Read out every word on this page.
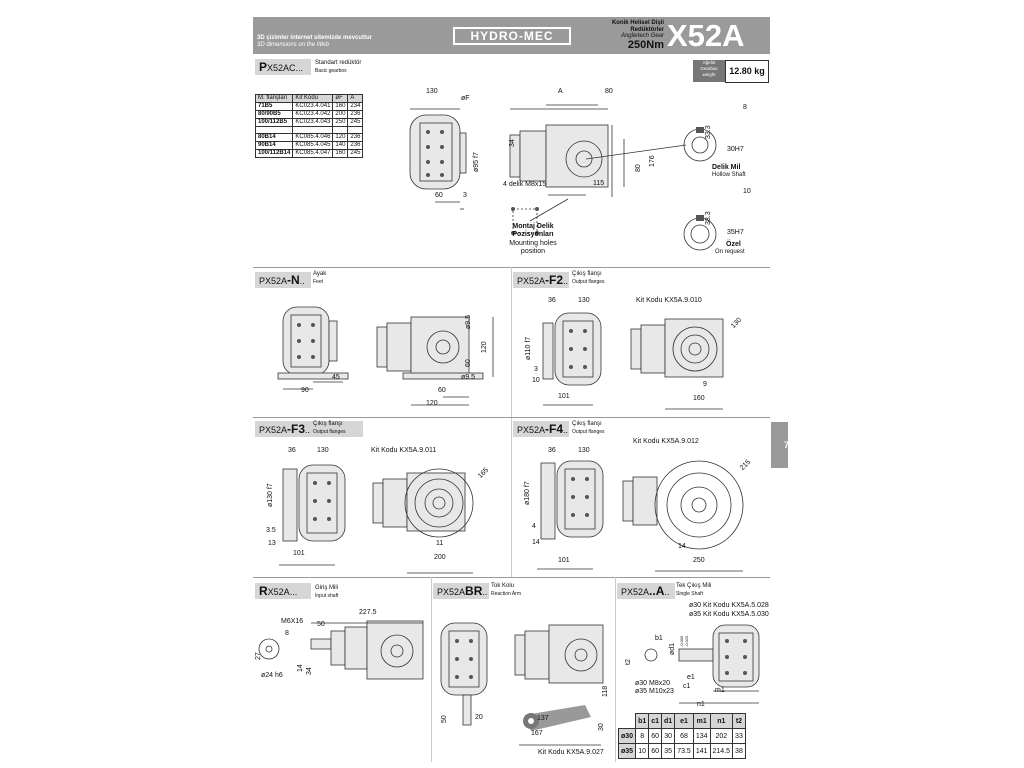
3D çizimler internet sitemizde mevcuttur
3D dimensions on the Web
HYDRO-MEC
Konik Helisel Dişli
Redüktörler
Anglietech Gear
250Nm X52A
Ağırlık
Gearbox
weight	12.80 kg
PX52AC...	Standart redüktör
Basic gearbox
M. flanşları	Kit Kodu	øF	A
71B5	KC023.4.041	160	234
80/90B5	KC023.4.042	200	236
100/112B5	KC023.4.043	250	245

80B14	KC085.4.046	120	236
90B14	KC085.4.045	140	236
100/112B14	KC085.4.047	160	245
130
øF
ø95 f7
60	3
A	80
34
176
80
115
4 delik M8x15
Montaj Delik
Pozisyonları
Mounting holes
position
8
33.3
30H7
Delik Mil
Hollow Shaft
10
38.3
35H7
Özel
On request
PX52A-N..
Ayak
Feet
ø9.5
120
60
ø9.5
90
45
60
120
PX52A-F2..
Çıkış flanşı
Output flanges
Kit Kodu KX5A.9.010
36	130
ø110 f7
3
10
101
130
9
160
PX52A-F3..
Çıkış flanşı
Output flanges
Kit Kodu KX5A.9.011
36	130
ø130 f7
3.5
13
101
165
11
200
PX52A-F4..
Çıkış flanşı
Output flanges
Kit Kodu KX5A.9.012
36	130
ø180 f7
4
14
101
215
14
250
RX52A...	Giriş Mili
Input shaft
227.5
M6X16
8
50
27
14 34
ø24 h6
PX52ABR..
Tok Kolu
Reaction Arm
118
50	20	137
30
167
Kit Kodu KX5A.9.027
PX52A..A..
Tek Çıkış Mili
Single Shaft
ø30 Kit Kodu KX5A.5.028
ø35 Kit Kodu KX5A.5.030
b1
ød1
-0.005 -0.020
t2
ø30 M8x20
ø35 M10x23
e1
c1
m1
n1
	b1	c1	d1	e1	m1	n1	t2
ø30	8	60	30	68	134	202	33
ø35	10	60	35	73.5	141	214.5	38
7
